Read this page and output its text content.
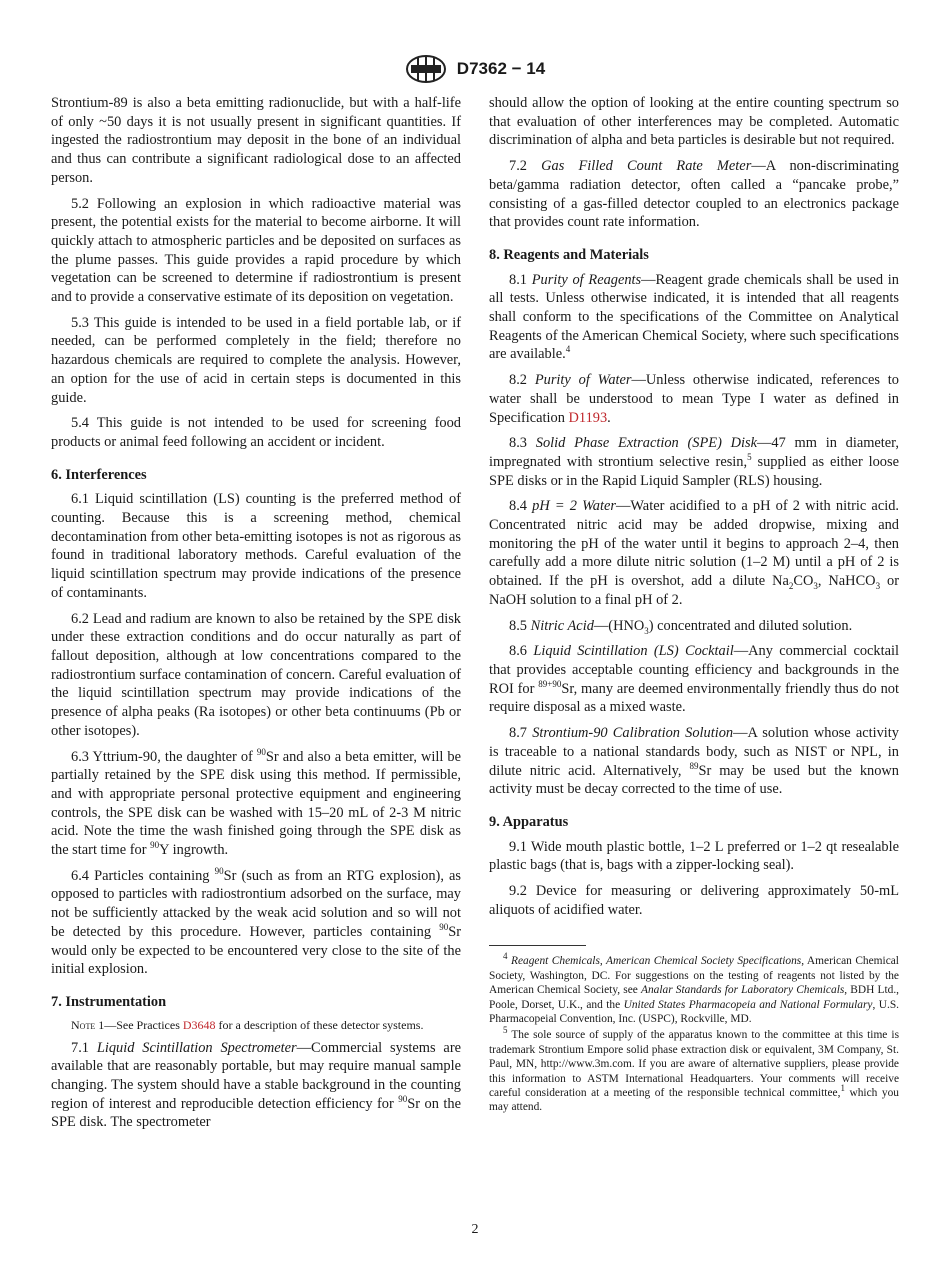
D7362 − 14

Strontium-89 is also a beta emitting radionuclide, but with a half-life of only ~50 days it is not usually present in significant quantities. If ingested the radiostrontium may deposit in the bone of an individual and thus can contribute a significant radiological dose to an affected person.

5.2 Following an explosion in which radioactive material was present, the potential exists for the material to become airborne. It will quickly attach to atmospheric particles and be deposited on surfaces as the plume passes. This guide provides a rapid procedure by which vegetation can be screened to determine if radiostrontium is present and to provide a conservative estimate of its deposition on vegetation.

5.3 This guide is intended to be used in a field portable lab, or if needed, can be performed completely in the field; therefore no hazardous chemicals are required to complete the analysis. However, an option for the use of acid in certain steps is documented in this guide.

5.4 This guide is not intended to be used for screening food products or animal feed following an accident or incident.

6. Interferences

6.1 Liquid scintillation (LS) counting is the preferred method of counting. Because this is a screening method, chemical decontamination from other beta-emitting isotopes is not as rigorous as found in traditional laboratory methods. Careful evaluation of the liquid scintillation spectrum may provide indications of the presence of contaminants.

6.2 Lead and radium are known to also be retained by the SPE disk under these extraction conditions and do occur naturally as part of fallout deposition, although at low concentrations compared to the radiostrontium surface contamination of concern. Careful evaluation of the liquid scintillation spectrum may provide indications of the presence of alpha peaks (Ra isotopes) or other beta continuums (Pb or other isotopes).

6.3 Yttrium-90, the daughter of $^{90}$Sr and also a beta emitter, will be partially retained by the SPE disk using this method. If permissible, and with appropriate personal protective equipment and engineering controls, the SPE disk can be washed with 15–20 mL of 2-3 M nitric acid. Note the time the wash finished going through the SPE disk as the start time for $^{90}$Y ingrowth.

6.4 Particles containing $^{90}$Sr (such as from an RTG explosion), as opposed to particles with radiostrontium adsorbed on the surface, may not be sufficiently attacked by the weak acid solution and so will not be detected by this procedure. However, particles containing $^{90}$Sr would only be expected to be encountered very close to the site of the initial explosion.

7. Instrumentation

Note 1—See Practices D3648 for a description of these detector systems.

7.1 Liquid Scintillation Spectrometer—Commercial systems are available that are reasonably portable, but may require manual sample changing. The system should have a stable background in the counting region of interest and reproducible detection efficiency for $^{90}$Sr on the SPE disk. The spectrometer

should allow the option of looking at the entire counting spectrum so that evaluation of other interferences may be completed. Automatic discrimination of alpha and beta particles is desirable but not required.

7.2 Gas Filled Count Rate Meter—A non-discriminating beta/gamma radiation detector, often called a “pancake probe,” consisting of a gas-filled detector coupled to an electronics package that provides count rate information.

8. Reagents and Materials

8.1 Purity of Reagents—Reagent grade chemicals shall be used in all tests. Unless otherwise indicated, it is intended that all reagents shall conform to the specifications of the Committee on Analytical Reagents of the American Chemical Society, where such specifications are available.$^4$

8.2 Purity of Water—Unless otherwise indicated, references to water shall be understood to mean Type I water as defined in Specification D1193.

8.3 Solid Phase Extraction (SPE) Disk—47 mm in diameter, impregnated with strontium selective resin,$^5$ supplied as either loose SPE disks or in the Rapid Liquid Sampler (RLS) housing.

8.4 pH = 2 Water—Water acidified to a pH of 2 with nitric acid. Concentrated nitric acid may be added dropwise, mixing and monitoring the pH of the water until it begins to approach 2–4, then carefully add a more dilute nitric solution (1–2 M) until a pH of 2 is obtained. If the pH is overshot, add a dilute $Na_2CO_3$, NaHCO$_3$ or NaOH solution to a final pH of 2.

8.5 Nitric $Acid—(HNO_3)$ concentrated and diluted solution.

8.6 Liquid Scintillation (LS) Cocktail—Any commercial cocktail that provides acceptable counting efficiency and backgrounds in the ROI for $^{89+90}$Sr, many are deemed environmentally friendly thus do not require disposal as a mixed waste.

8.7 Strontium-90 Calibration Solution—A solution whose activity is traceable to a national standards body, such as NIST or NPL, in dilute nitric acid. Alternatively, $^{89}$Sr may be used but the known activity must be decay corrected to the time of use.

9. Apparatus

9.1 Wide mouth plastic bottle, 1–2 L preferred or 1–2 qt resealable plastic bags (that is, bags with a zipper-locking seal).

9.2 Device for measuring or delivering approximately 50-mL aliquots of acidified water.

$^4$ Reagent Chemicals, American Chemical Society Specifications, American Chemical Society, Washington, DC. For suggestions on the testing of reagents not listed by the American Chemical Society, see Analar Standards for Laboratory Chemicals, BDH Ltd., Poole, Dorset, U.K., and the United States Pharmacopeia and National Formulary, U.S. Pharmacopeial Convention, Inc. (USPC), Rockville, MD.

$^5$ The sole source of supply of the apparatus known to the committee at this time is trademark Strontium Empore solid phase extraction disk or equivalent, 3M Company, St. Paul, MN, http://www.3m.com. If you are aware of alternative suppliers, please provide this information to ASTM International Headquarters. Your comments will receive careful consideration at a meeting of the responsible technical committee,$^1$ which you may attend.

2
